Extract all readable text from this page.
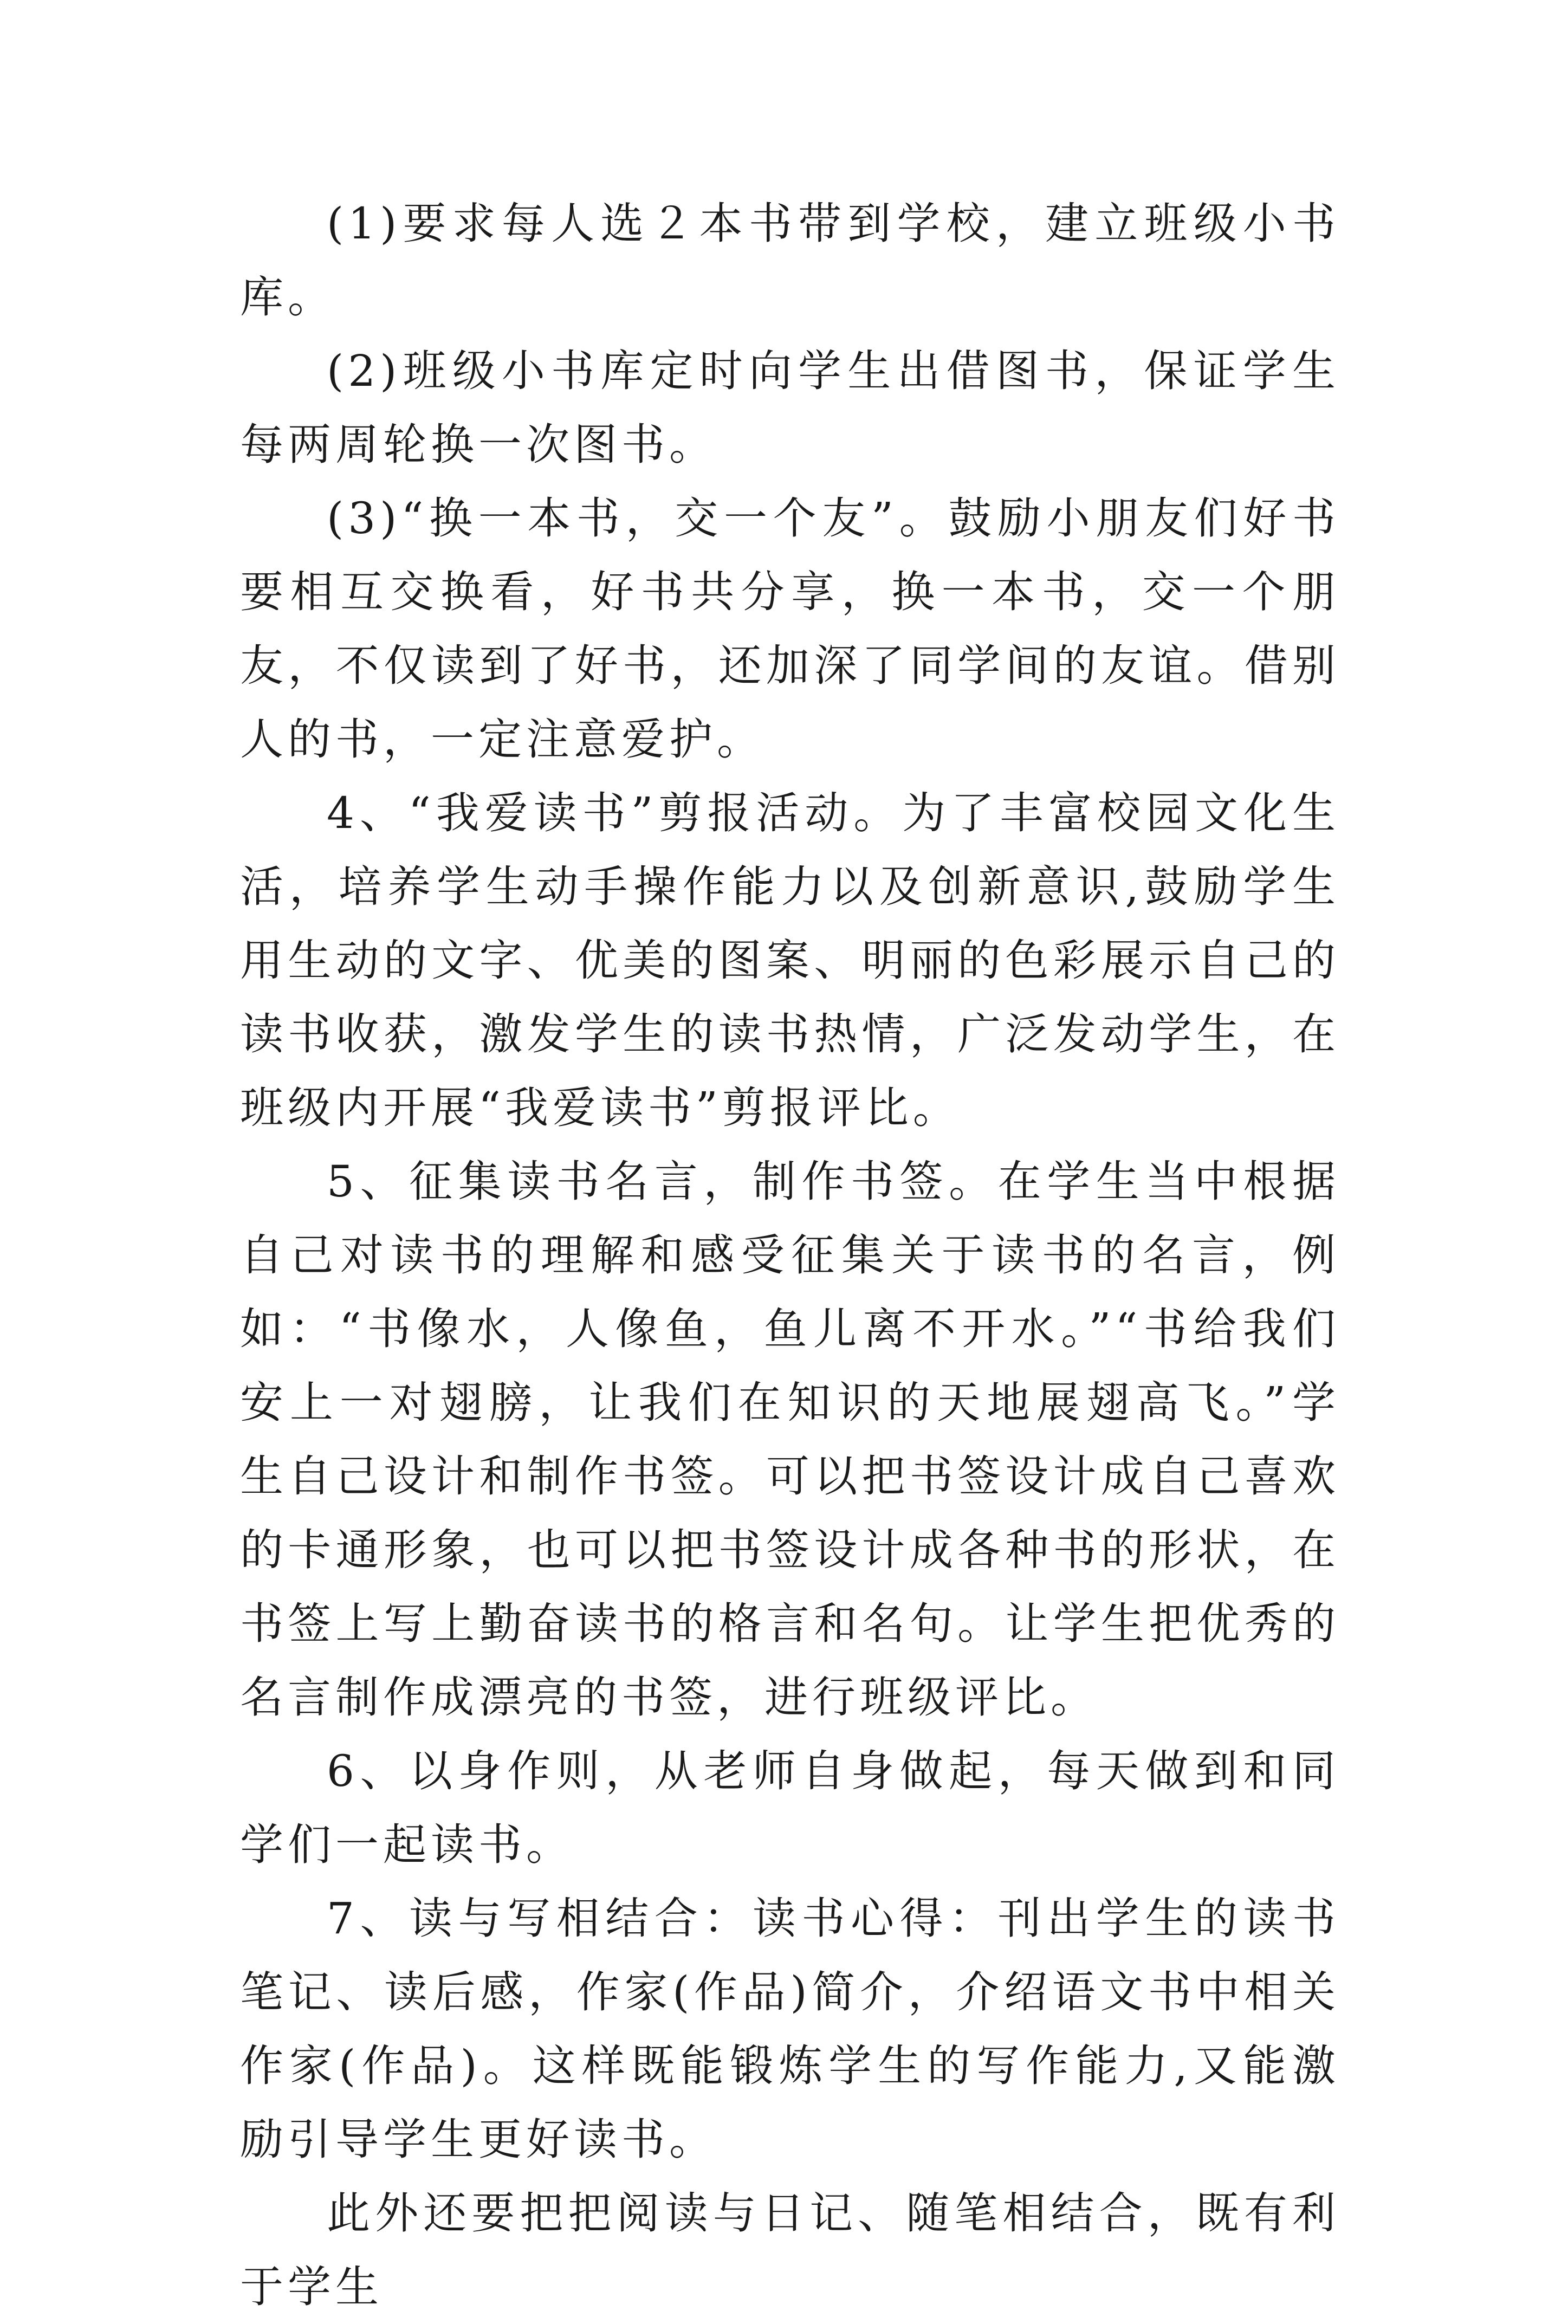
(1)要求每人选２本书带到学校，建立班级小书库。

(2)班级小书库定时向学生出借图书，保证学生每两周轮换一次图书。

(3)“换一本书，交一个友”。鼓励小朋友们好书要相互交换看，好书共分享，换一本书，交一个朋友，不仅读到了好书，还加深了同学间的友谊。借别人的书，一定注意爱护。

4、“我爱读书”剪报活动。为了丰富校园文化生活，培养学生动手操作能力以及创新意识,鼓励学生用生动的文字、优美的图案、明丽的色彩展示自己的读书收获，激发学生的读书热情，广泛发动学生，在班级内开展“我爱读书”剪报评比。

5、征集读书名言，制作书签。在学生当中根据自己对读书的理解和感受征集关于读书的名言，例如：“书像水，人像鱼，鱼儿离不开水。”“书给我们安上一对翅膀，让我们在知识的天地展翅高飞。”学生自己设计和制作书签。可以把书签设计成自己喜欢的卡通形象，也可以把书签设计成各种书的形状，在书签上写上勤奋读书的格言和名句。让学生把优秀的名言制作成漂亮的书签，进行班级评比。

6、以身作则，从老师自身做起，每天做到和同学们一起读书。

7、读与写相结合：读书心得：刊出学生的读书笔记、读后感，作家(作品)简介，介绍语文书中相关作家(作品)。这样既能锻炼学生的写作能力,又能激励引导学生更好读书。

此外还要把把阅读与日记、随笔相结合，既有利于学生
